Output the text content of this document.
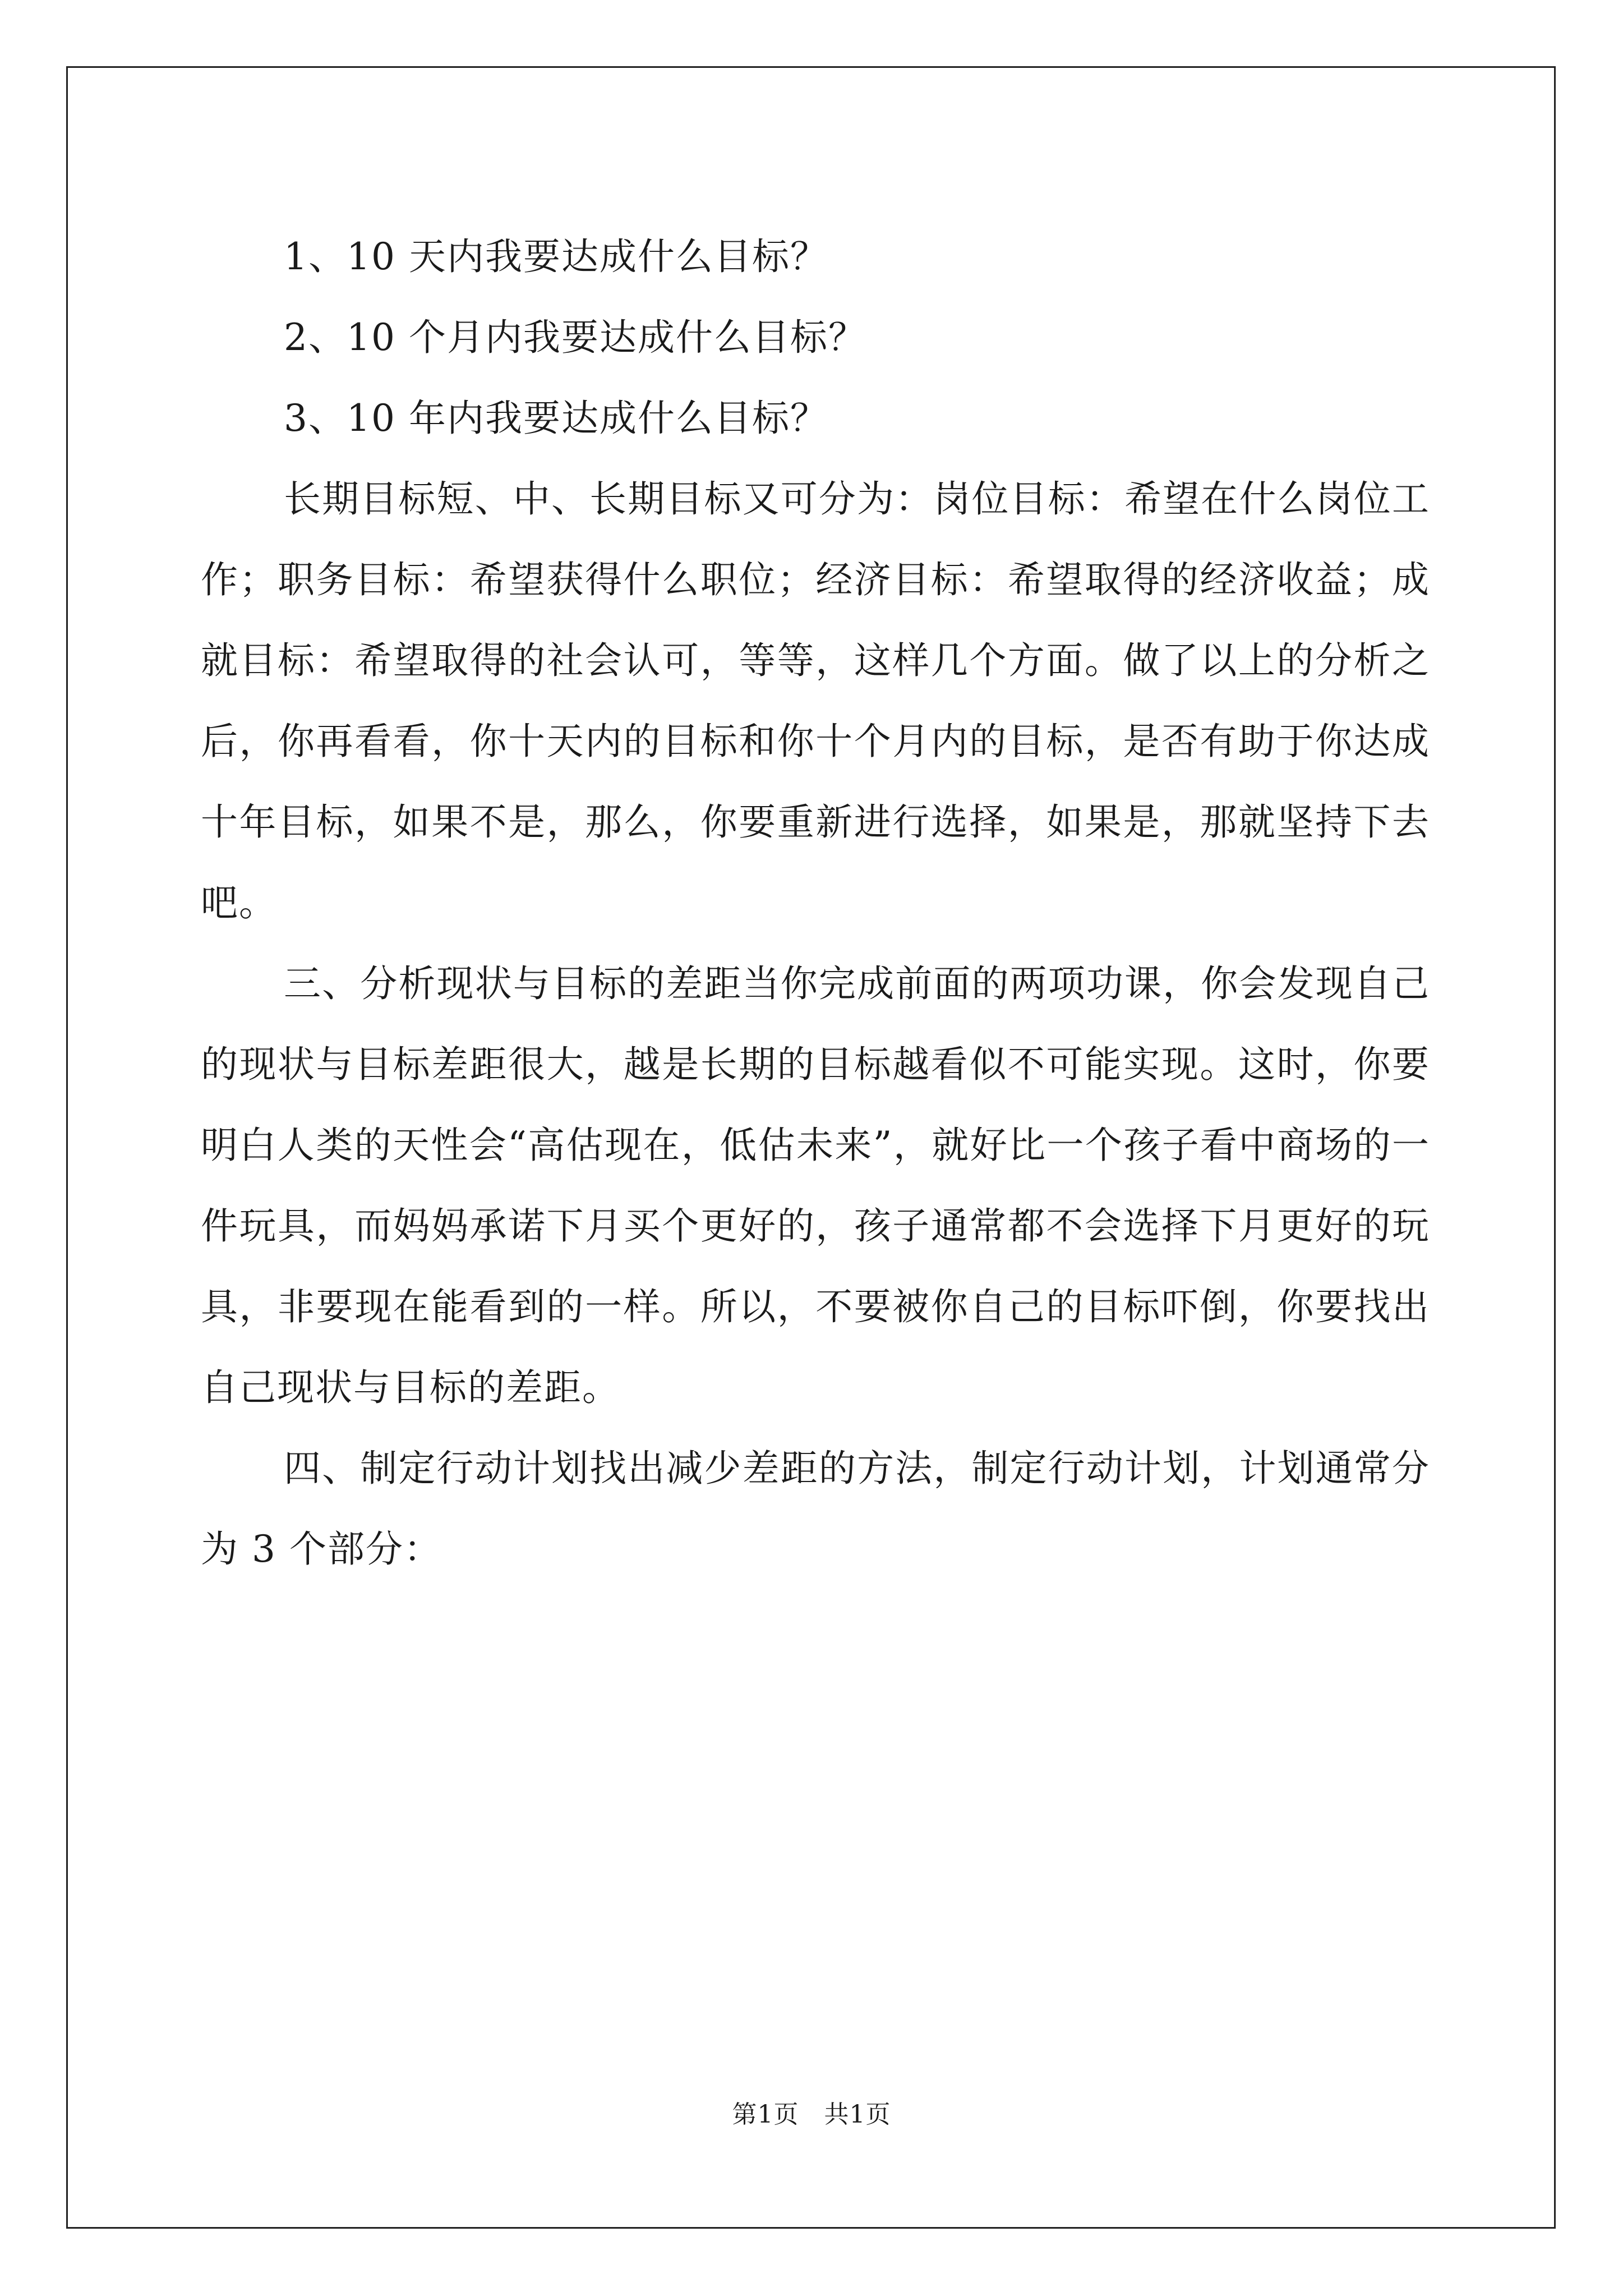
1、10 天内我要达成什么目标？

2、10 个月内我要达成什么目标？

3、10 年内我要达成什么目标？

长期目标短、中、长期目标又可分为：岗位目标：希望在什么岗位工作；职务目标：希望获得什么职位；经济目标：希望取得的经济收益；成就目标：希望取得的社会认可，等等，这样几个方面。做了以上的分析之后，你再看看，你十天内的目标和你十个月内的目标，是否有助于你达成十年目标，如果不是，那么，你要重新进行选择，如果是，那就坚持下去吧。

三、分析现状与目标的差距当你完成前面的两项功课，你会发现自己的现状与目标差距很大，越是长期的目标越看似不可能实现。这时，你要明白人类的天性会“高估现在，低估未来”，就好比一个孩子看中商场的一件玩具，而妈妈承诺下月买个更好的，孩子通常都不会选择下月更好的玩具，非要现在能看到的一样。所以，不要被你自己的目标吓倒，你要找出自己现状与目标的差距。

四、制定行动计划找出减少差距的方法，制定行动计划，计划通常分为 3 个部分：

第1页　共1页
